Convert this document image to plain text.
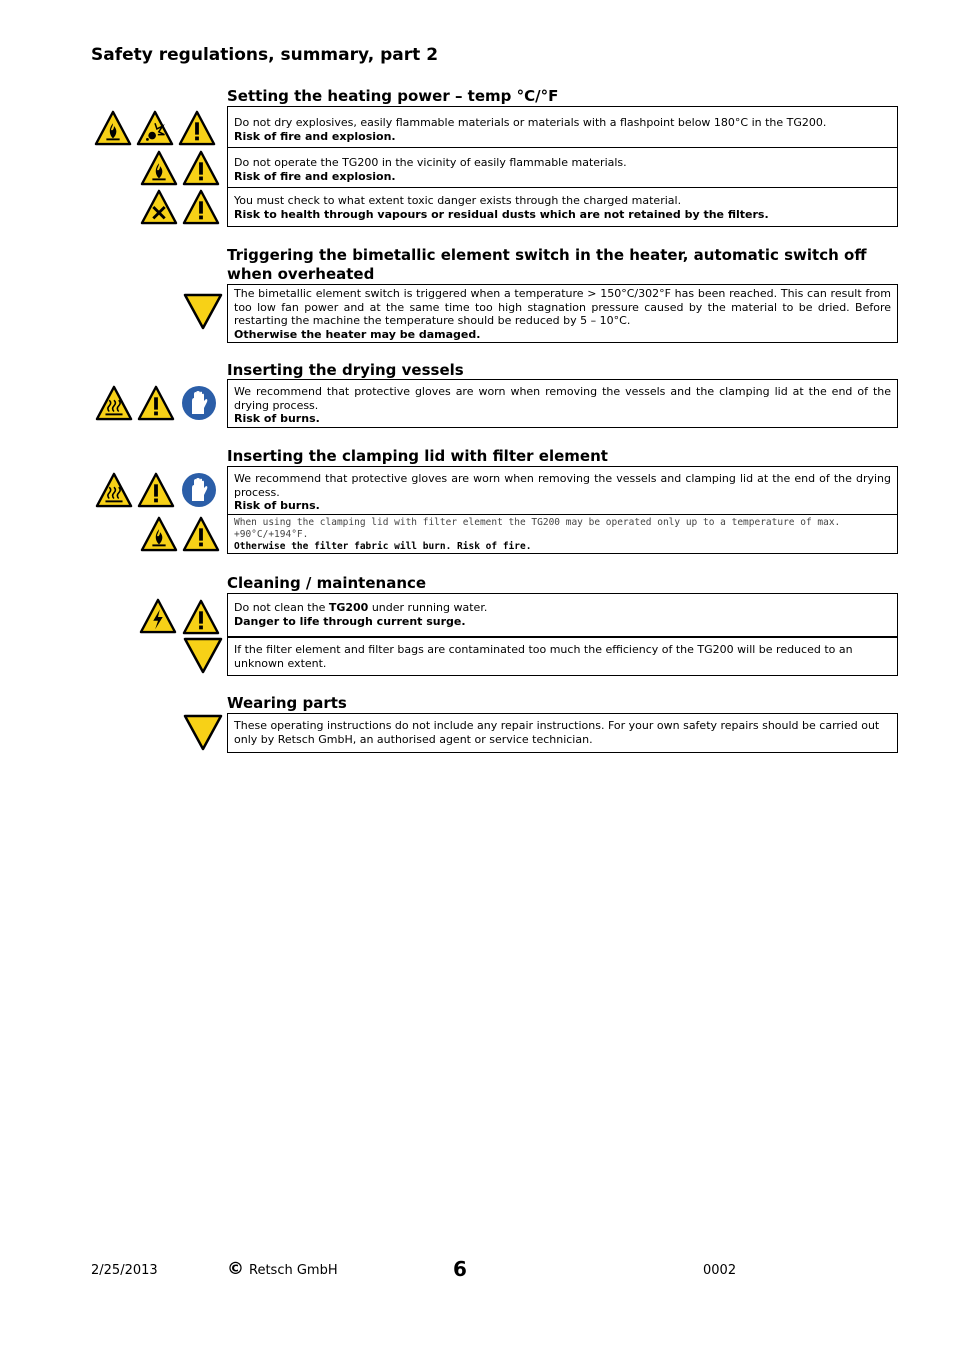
Safety regulations, summary, part 2
Setting the heating power – temp °C/°F
Do not dry explosives, easily flammable materials or materials with a flashpoint below 180°C in the TG200.
Risk of fire and explosion.
Do not operate the TG200 in the vicinity of easily flammable materials.
Risk of fire and explosion.
You must check to what extent toxic danger exists through the charged material.
Risk to health through vapours or residual dusts which are not retained by the filters.
Triggering the bimetallic element switch in the heater, automatic switch off when overheated
The bimetallic element switch is triggered when a temperature > 150°C/302°F has been reached. This can result from too low fan power and at the same time too high stagnation pressure caused by the material to be dried. Before restarting the machine the temperature should be reduced by 5 – 10°C.
Otherwise the heater may be damaged.
Inserting the drying vessels
We recommend that protective gloves are worn when removing the vessels and the clamping lid at the end of the drying process.
Risk of burns.
Inserting the clamping lid with filter element
We recommend that protective gloves are worn when removing the vessels and clamping lid at the end of the drying process.
Risk of burns.
When using the clamping lid with filter element the TG200 may be operated only up to a temperature of max. +90°C/+194°F.
Otherwise the filter fabric will burn. Risk of fire.
Cleaning / maintenance
Do not clean the TG200 under running water.
Danger to life through current surge.
If the filter element and filter bags are contaminated too much the efficiency of the TG200 will be reduced to an unknown extent.
Wearing parts
These operating instructions do not include any repair instructions. For your own safety repairs should be carried out only by Retsch GmbH, an authorised agent or service technician.
2/25/2013	© Retsch GmbH	6	0002
